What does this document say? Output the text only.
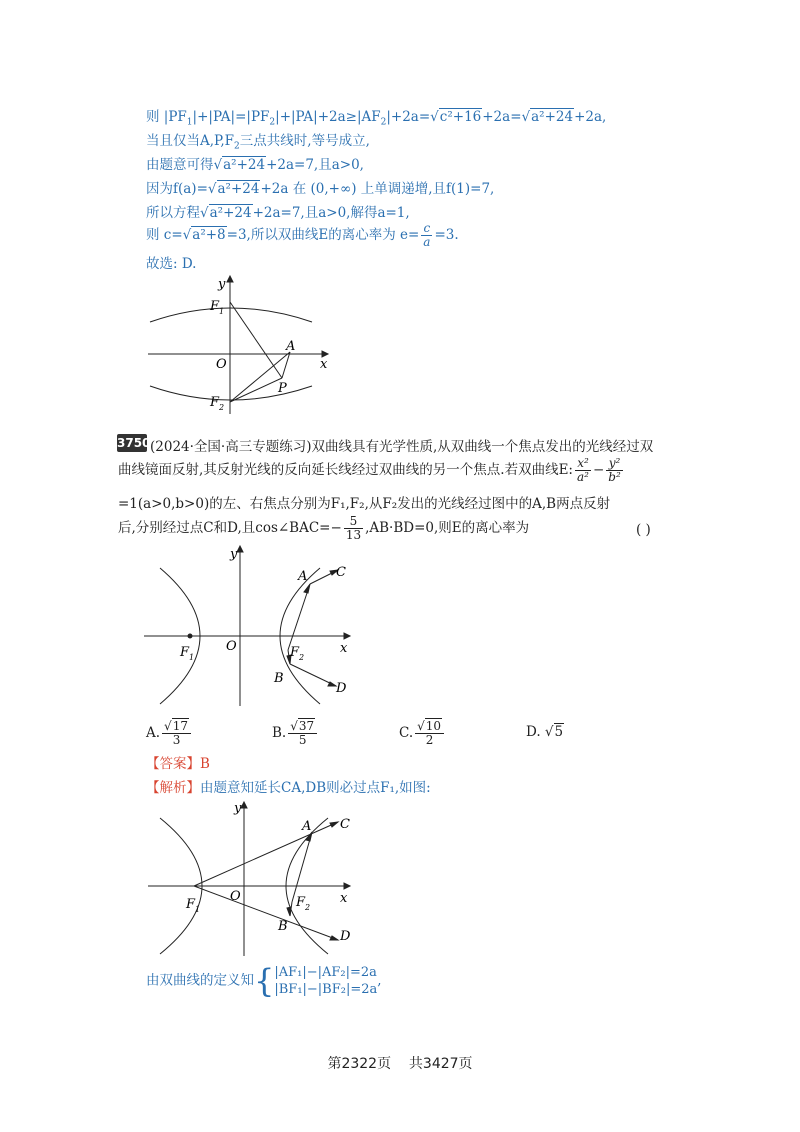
则 $|PF_1|+|PA|=|PF_2|+|PA|+2a\ge|AF_2|+2a=√c^2+16+2a=√a^2+24+2a$,
当且仅当$A,P,F_2$三点共线时,等号成立,
由题意可得√a²+24+2a=7,且a>0,
因为f(a)=√a²+24+2a 在 (0,+∞) 上单调递增,且f(1)=7,
所以方程√a²+24+2a=7,且a>0,解得a=1,
则 c=√a²+8=3,所以双曲线E的离心率为 $e= \frac{c}{a} =3$.
故选: D.
y
F 1
A
O	x
P
F 2
3750 (2024·全国·高三专题练习)双曲线具有光学性质,从双曲线一个焦点发出的光线经过双
曲线镜面反射,其反射光线的反向延长线经过双曲线的另一个焦点.若双曲线E: $\frac{\text{x²}}{\text{a²}} - \frac{\text{y²}}{\text{b²}}$
=1(a>0,b>0)的左、右焦点分别为F₁,F₂,从F₂发出的光线经过图中的A,B两点反射
后,分别经过点C和D,且cos∠BAC=− $\frac{5}{13} ,AB\cdot BD=0$,则E的离心率为	( )
y
A C
O	x
F 1	F 2
B
D
A. $\frac{√17}{3}$	B. $\frac{√37}{5}$	C. $\frac{√10}{2}$	D. √5
【答案】B
【解析】由题意知延长CA,DB则必过点F₁,如图:
y
A C
O	x
F 1	F 2
B
D
由双曲线的定义知{|AF₁|−|AF₂|=2a
|BF₁|−|BF₂|=2a,
第2322页 共3427页
